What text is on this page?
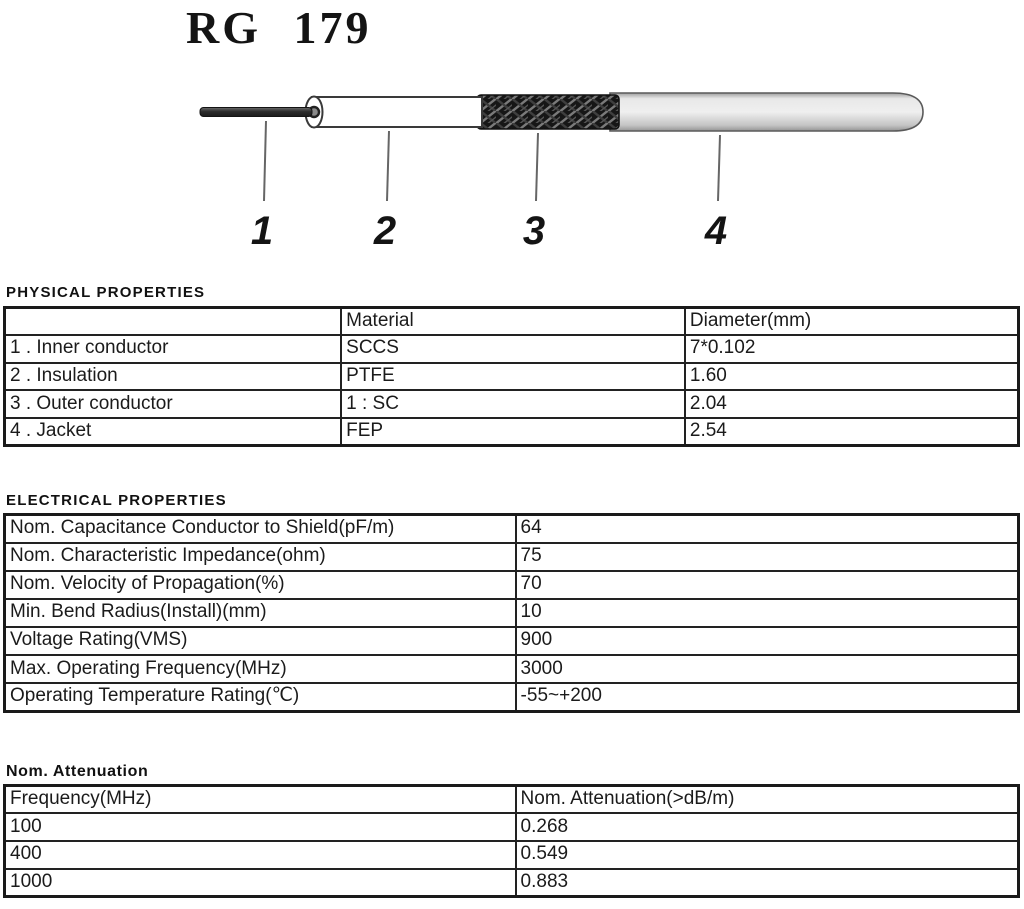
RG 179
1	2	3	4
PHYSICAL PROPERTIES
	Material	Diameter(mm)
1 . Inner conductor	SCCS	7*0.102
2 . Insulation	PTFE	1.60
3 . Outer conductor	1 : SC	2.04
4 . Jacket	FEP	2.54
ELECTRICAL PROPERTIES
Nom. Capacitance Conductor to Shield(pF/m)	64
Nom. Characteristic Impedance(ohm)	75
Nom. Velocity of Propagation(%)	70
Min. Bend Radius(Install)(mm)	10
Voltage Rating(VMS)	900
Max. Operating Frequency(MHz)	3000
Operating Temperature Rating(℃)	-55~+200
Nom. Attenuation
Frequency(MHz)	Nom. Attenuation(>dB/m)
100	0.268
400	0.549
1000	0.883
